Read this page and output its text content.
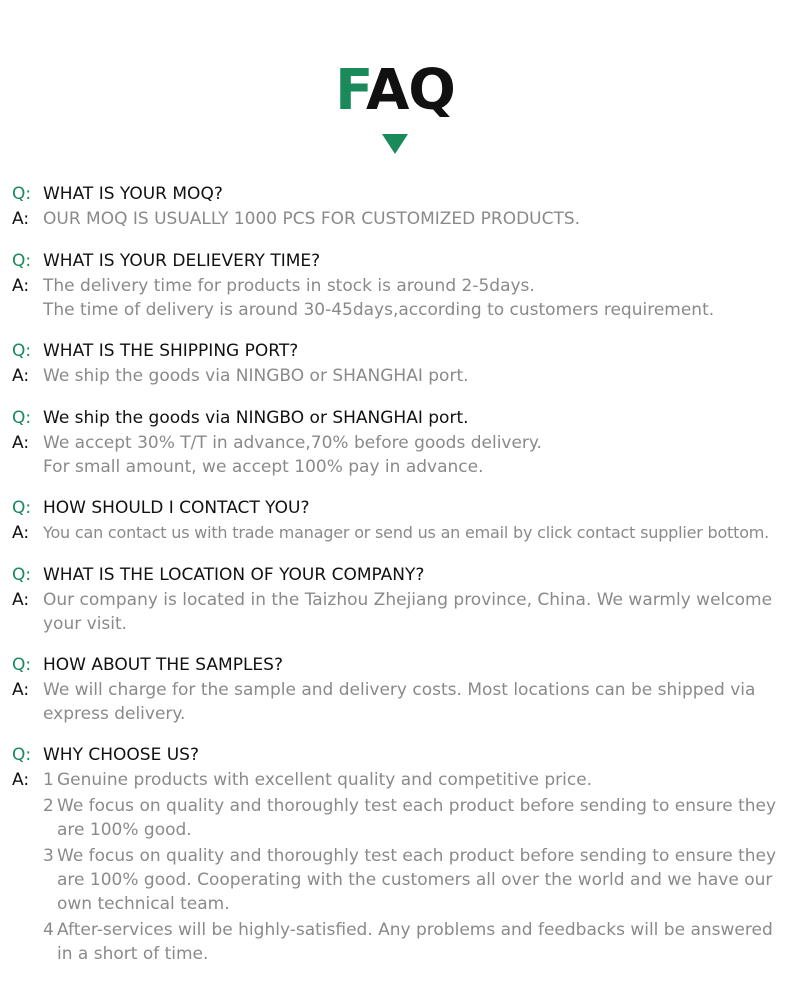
FAQ
Q: WHAT IS YOUR MOQ?
A: OUR MOQ IS USUALLY 1000 PCS FOR CUSTOMIZED PRODUCTS.
Q: WHAT IS YOUR DELIEVERY TIME?
A: The delivery time for products in stock is around 2-5days.
The time of delivery is around 30-45days,according to customers requirement.
Q: WHAT IS THE SHIPPING PORT?
A: We ship the goods via NINGBO or SHANGHAI port.
Q: We ship the goods via NINGBO or SHANGHAI port.
A: We accept 30% T/T in advance,70% before goods delivery.
For small amount, we accept 100% pay in advance.
Q: HOW SHOULD I CONTACT YOU?
A: You can contact us with trade manager or send us an email by click contact supplier bottom.
Q: WHAT IS THE LOCATION OF YOUR COMPANY?
A: Our company is located in the Taizhou Zhejiang province, China. We warmly welcome your visit.
Q: HOW ABOUT THE SAMPLES?
A: We will charge for the sample and delivery costs. Most locations can be shipped via express delivery.
Q: WHY CHOOSE US?
A: 1 Genuine products with excellent quality and competitive price.
2 We focus on quality and thoroughly test each product before sending to ensure they are 100% good.
3 We focus on quality and thoroughly test each product before sending to ensure they are 100% good. Cooperating with the customers all over the world and we have our own technical team.
4 After-services will be highly-satisfied. Any problems and feedbacks will be answered in a short of time.
